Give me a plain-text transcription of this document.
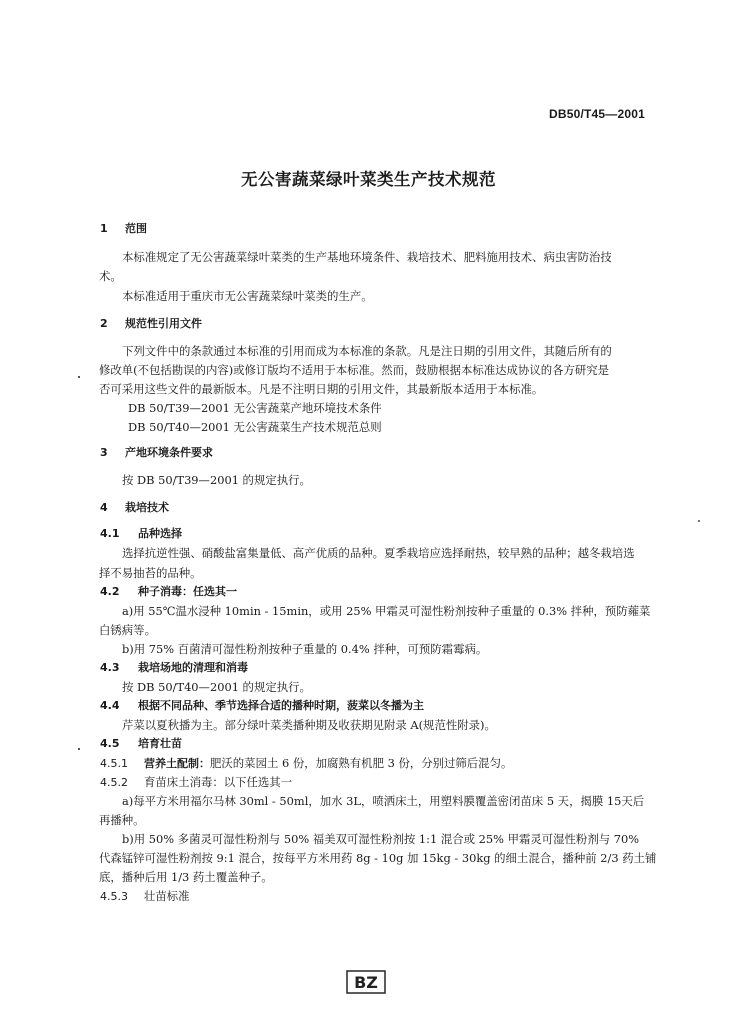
DB50/T45—2001
无公害蔬菜绿叶菜类生产技术规范
1 范围
本标准规定了无公害蔬菜绿叶菜类的生产基地环境条件、栽培技术、肥料施用技术、病虫害防治技
术。
本标准适用于重庆市无公害蔬菜绿叶菜类的生产。
2 规范性引用文件
下列文件中的条款通过本标准的引用而成为本标准的条款。凡是注日期的引用文件，其随后所有的
修改单(不包括勘误的内容)或修订版均不适用于本标准。然而，鼓励根据本标准达成协议的各方研究是
否可采用这些文件的最新版本。凡是不注明日期的引用文件，其最新版本适用于本标准。
DB 50/T39—2001 无公害蔬菜产地环境技术条件
DB 50/T40—2001 无公害蔬菜生产技术规范总则
3 产地环境条件要求
按 DB 50/T39—2001 的规定执行。
4 栽培技术
4.1 品种选择
选择抗逆性强、硝酸盐富集量低、高产优质的品种。夏季栽培应选择耐热，较早熟的品种；越冬栽培选
择不易抽苔的品种。
4.2 种子消毒：任选其一
a)用 55℃温水浸种 10min - 15min，或用 25% 甲霜灵可湿性粉剂按种子重量的 0.3% 拌种，预防蕹菜
白锈病等。
b)用 75% 百菌清可湿性粉剂按种子重量的 0.4% 拌种，可预防霜霉病。
4.3 栽培场地的清理和消毒
按 DB 50/T40—2001 的规定执行。
4.4 根据不同品种、季节选择合适的播种时期，菠菜以冬播为主
芹菜以夏秋播为主。部分绿叶菜类播种期及收获期见附录 A(规范性附录)。
4.5 培育壮苗
4.5.1 营养土配制：肥沃的菜园土 6 份，加腐熟有机肥 3 份，分别过筛后混匀。
4.5.2 育苗床土消毒：以下任选其一
a)每平方米用福尔马林 30ml - 50ml，加水 3L，喷洒床土，用塑料膜覆盖密闭苗床 5 天，揭膜 15天后
再播种。
b)用 50% 多菌灵可湿性粉剂与 50% 福美双可湿性粉剂按 1:1 混合或 25% 甲霜灵可湿性粉剂与 70%
代森锰锌可湿性粉剂按 9:1 混合，按每平方米用药 8g - 10g 加 15kg - 30kg 的细土混合，播种前 2/3 药土铺
底，播种后用 1/3 药土覆盖种子。
4.5.3 壮苗标准
BZ
